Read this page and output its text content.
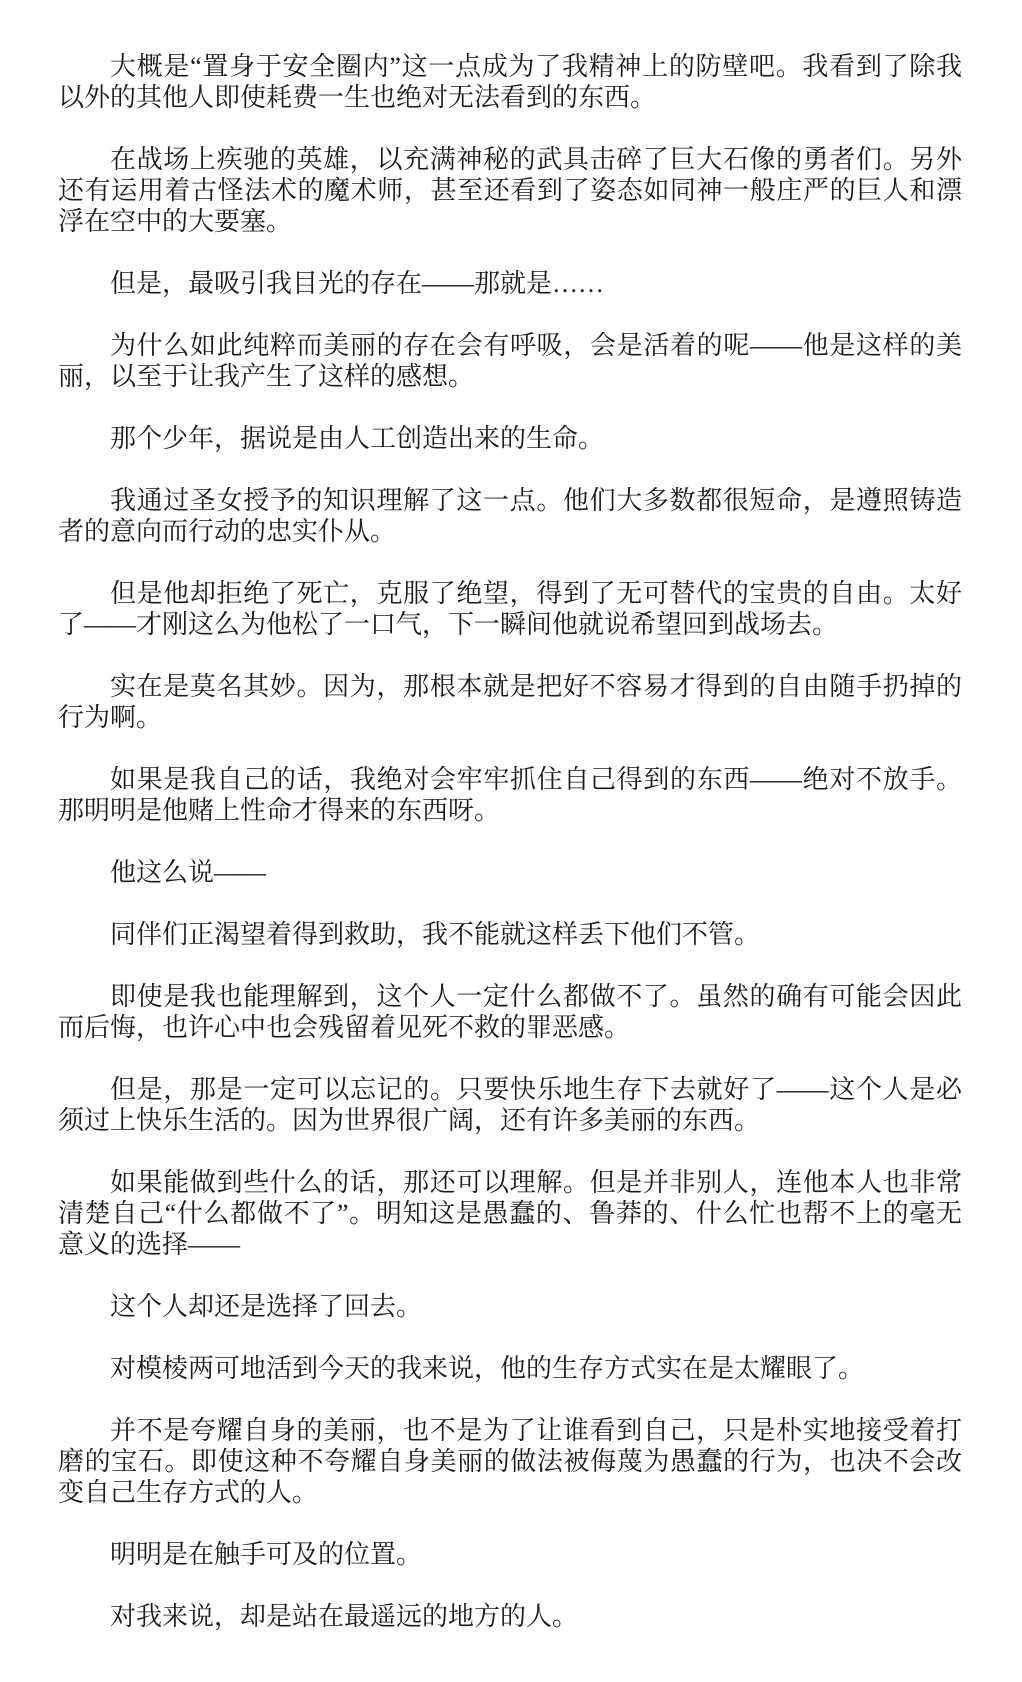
大概是“置身于安全圈内”这一点成为了我精神上的防壁吧。我看到了除我以外的其他人即使耗费一生也绝对无法看到的东西。

在战场上疾驰的英雄，以充满神秘的武具击碎了巨大石像的勇者们。另外还有运用着古怪法术的魔术师，甚至还看到了姿态如同神一般庄严的巨人和漂浮在空中的大要塞。

但是，最吸引我目光的存在——那就是……

为什么如此纯粹而美丽的存在会有呼吸，会是活着的呢——他是这样的美丽，以至于让我产生了这样的感想。

那个少年，据说是由人工创造出来的生命。

我通过圣女授予的知识理解了这一点。他们大多数都很短命，是遵照铸造者的意向而行动的忠实仆从。

但是他却拒绝了死亡，克服了绝望，得到了无可替代的宝贵的自由。太好了——才刚这么为他松了一口气，下一瞬间他就说希望回到战场去。

实在是莫名其妙。因为，那根本就是把好不容易才得到的自由随手扔掉的行为啊。

如果是我自己的话，我绝对会牢牢抓住自己得到的东西——绝对不放手。那明明是他赌上性命才得来的东西呀。

他这么说——

同伴们正渴望着得到救助，我不能就这样丢下他们不管。

即使是我也能理解到，这个人一定什么都做不了。虽然的确有可能会因此而后悔，也许心中也会残留着见死不救的罪恶感。

但是，那是一定可以忘记的。只要快乐地生存下去就好了——这个人是必须过上快乐生活的。因为世界很广阔，还有许多美丽的东西。

如果能做到些什么的话，那还可以理解。但是并非别人，连他本人也非常清楚自己“什么都做不了”。明知这是愚蠢的、鲁莽的、什么忙也帮不上的毫无意义的选择——

这个人却还是选择了回去。

对模棱两可地活到今天的我来说，他的生存方式实在是太耀眼了。

并不是夸耀自身的美丽，也不是为了让谁看到自己，只是朴实地接受着打磨的宝石。即使这种不夸耀自身美丽的做法被侮蔑为愚蠢的行为，也决不会改变自己生存方式的人。

明明是在触手可及的位置。

对我来说，却是站在最遥远的地方的人。
